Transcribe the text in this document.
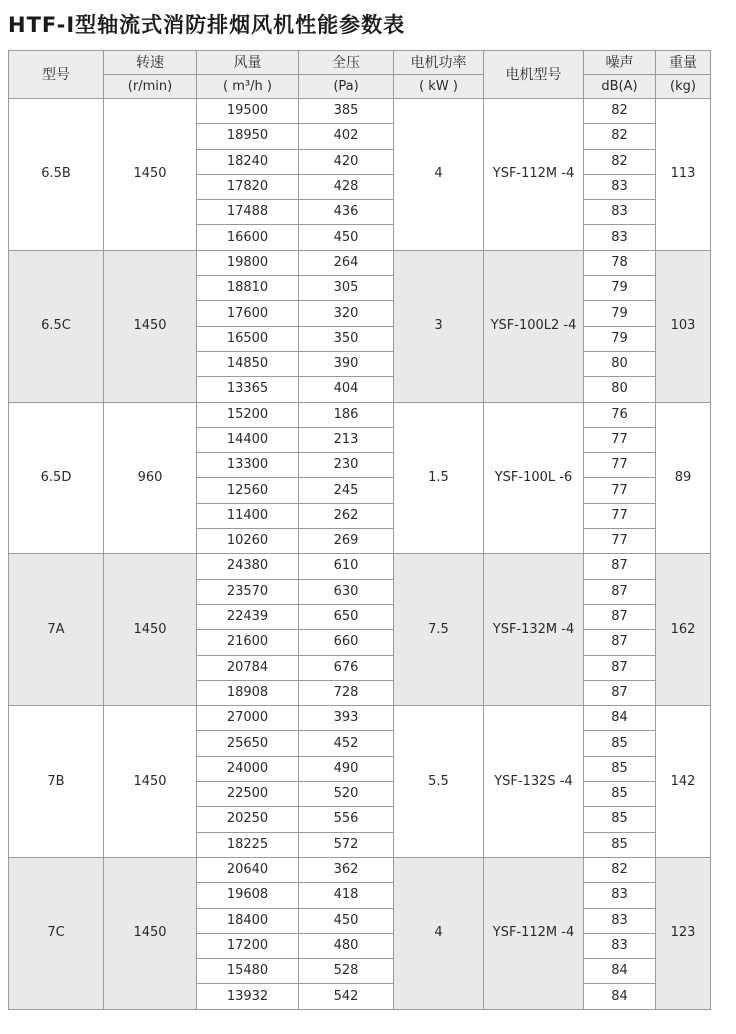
HTF-I型轴流式消防排烟风机性能参数表
型号	转速	风量	全压	电机功率	电机型号	噪声	重量
	(r/min)	( m³/h )	(Pa)	( kW )		dB(A)	(kg)
6.5B	1450	19500	385	4	YSF-112M -4	82	113
		18950	402			82	
		18240	420			82	
		17820	428			83	
		17488	436			83	
		16600	450			83	
6.5C	1450	19800	264	3	YSF-100L2 -4	78	103
		18810	305			79	
		17600	320			79	
		16500	350			79	
		14850	390			80	
		13365	404			80	
6.5D	960	15200	186	1.5	YSF-100L -6	76	89
		14400	213			77	
		13300	230			77	
		12560	245			77	
		11400	262			77	
		10260	269			77	
7A	1450	24380	610	7.5	YSF-132M -4	87	162
		23570	630			87	
		22439	650			87	
		21600	660			87	
		20784	676			87	
		18908	728			87	
7B	1450	27000	393	5.5	YSF-132S -4	84	142
		25650	452			85	
		24000	490			85	
		22500	520			85	
		20250	556			85	
		18225	572			85	
7C	1450	20640	362	4	YSF-112M -4	82	123
		19608	418			83	
		18400	450			83	
		17200	480			83	
		15480	528			84	
		13932	542			84	
